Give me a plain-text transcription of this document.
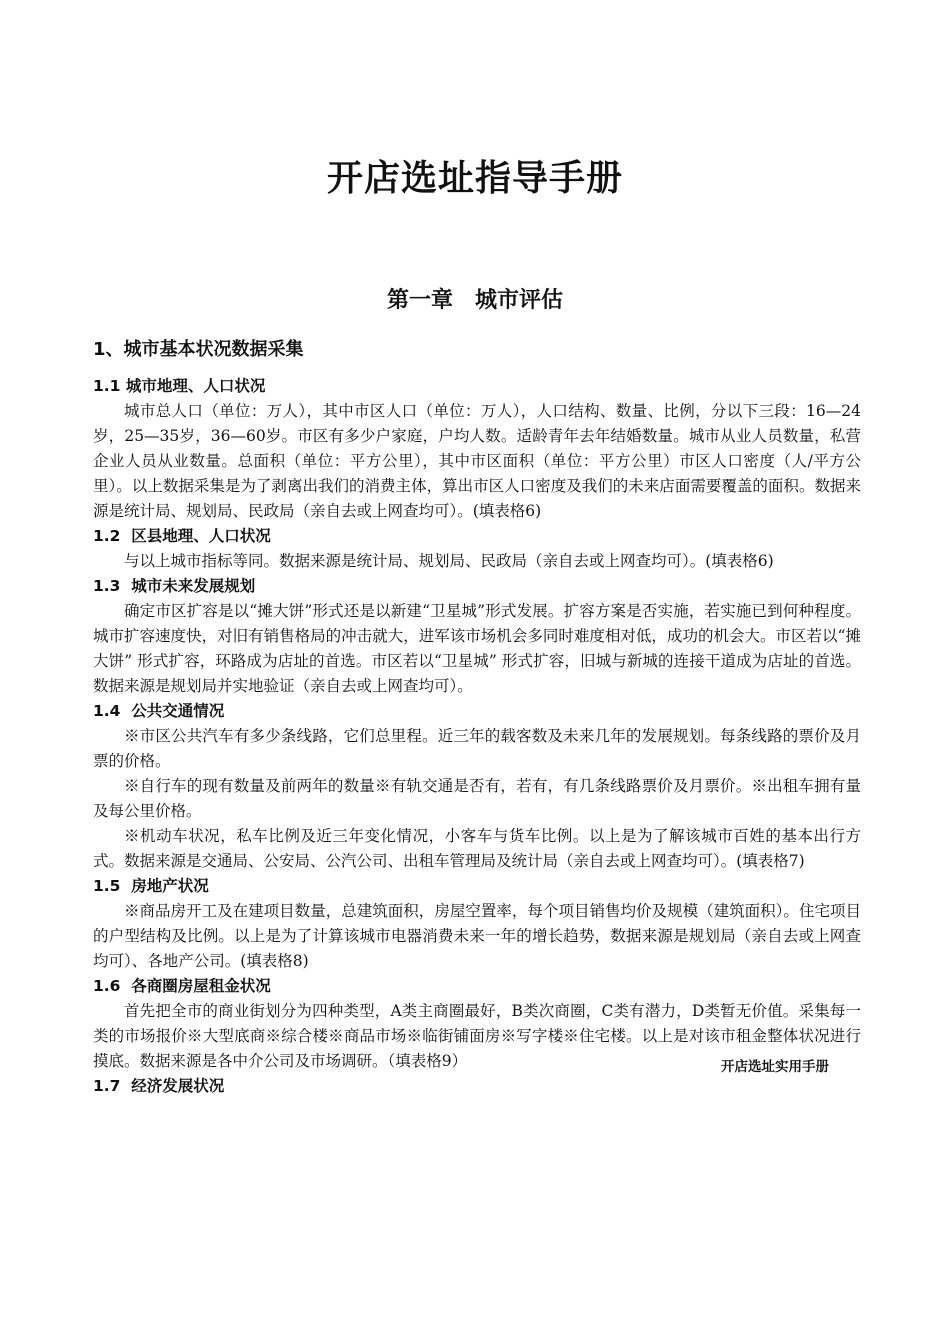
开店选址指导手册
第一章　城市评估
1、城市基本状况数据采集
1.1 城市地理、人口状况

城市总人口（单位：万人），其中市区人口（单位：万人），人口结构、数量、比例，分以下三段：16—24岁，25—35岁，36—60岁。市区有多少户家庭，户均人数。适龄青年去年结婚数量。城市从业人员数量，私营企业人员从业数量。总面积（单位：平方公里），其中市区面积（单位：平方公里）市区人口密度（人/平方公里）。以上数据采集是为了剥离出我们的消费主体，算出市区人口密度及我们的未来店面需要覆盖的面积。数据来源是统计局、规划局、民政局（亲自去或上网查均可）。(填表格6)

1.2  区县地理、人口状况

与以上城市指标等同。数据来源是统计局、规划局、民政局（亲自去或上网查均可）。(填表格6)

1.3  城市未来发展规划

确定市区扩容是以“摊大饼”形式还是以新建“卫星城”形式发展。扩容方案是否实施，若实施已到何种程度。城市扩容速度快，对旧有销售格局的冲击就大，进军该市场机会多同时难度相对低，成功的机会大。市区若以“摊大饼” 形式扩容，环路成为店址的首选。市区若以“卫星城” 形式扩容，旧城与新城的连接干道成为店址的首选。数据来源是规划局并实地验证（亲自去或上网查均可）。

1.4  公共交通情况

※市区公共汽车有多少条线路，它们总里程。近三年的载客数及未来几年的发展规划。每条线路的票价及月票的价格。

※自行车的现有数量及前两年的数量※有轨交通是否有，若有，有几条线路票价及月票价。※出租车拥有量及每公里价格。

※机动车状况，私车比例及近三年变化情况，小客车与货车比例。以上是为了解该城市百姓的基本出行方式。数据来源是交通局、公安局、公汽公司、出租车管理局及统计局（亲自去或上网查均可）。(填表格7)

1.5  房地产状况

※商品房开工及在建项目数量，总建筑面积，房屋空置率，每个项目销售均价及规模（建筑面积）。住宅项目的户型结构及比例。以上是为了计算该城市电器消费未来一年的增长趋势，数据来源是规划局（亲自去或上网查均可）、各地产公司。(填表格8)

1.6  各商圈房屋租金状况

首先把全市的商业街划分为四种类型，A类主商圈最好，B类次商圈，C类有潜力，D类暂无价值。采集每一类的市场报价※大型底商※综合楼※商品市场※临街铺面房※写字楼※住宅楼。以上是对该市租金整体状况进行摸底。数据来源是各中介公司及市场调研。（填表格9）

1.7  经济发展状况
开店选址实用手册
